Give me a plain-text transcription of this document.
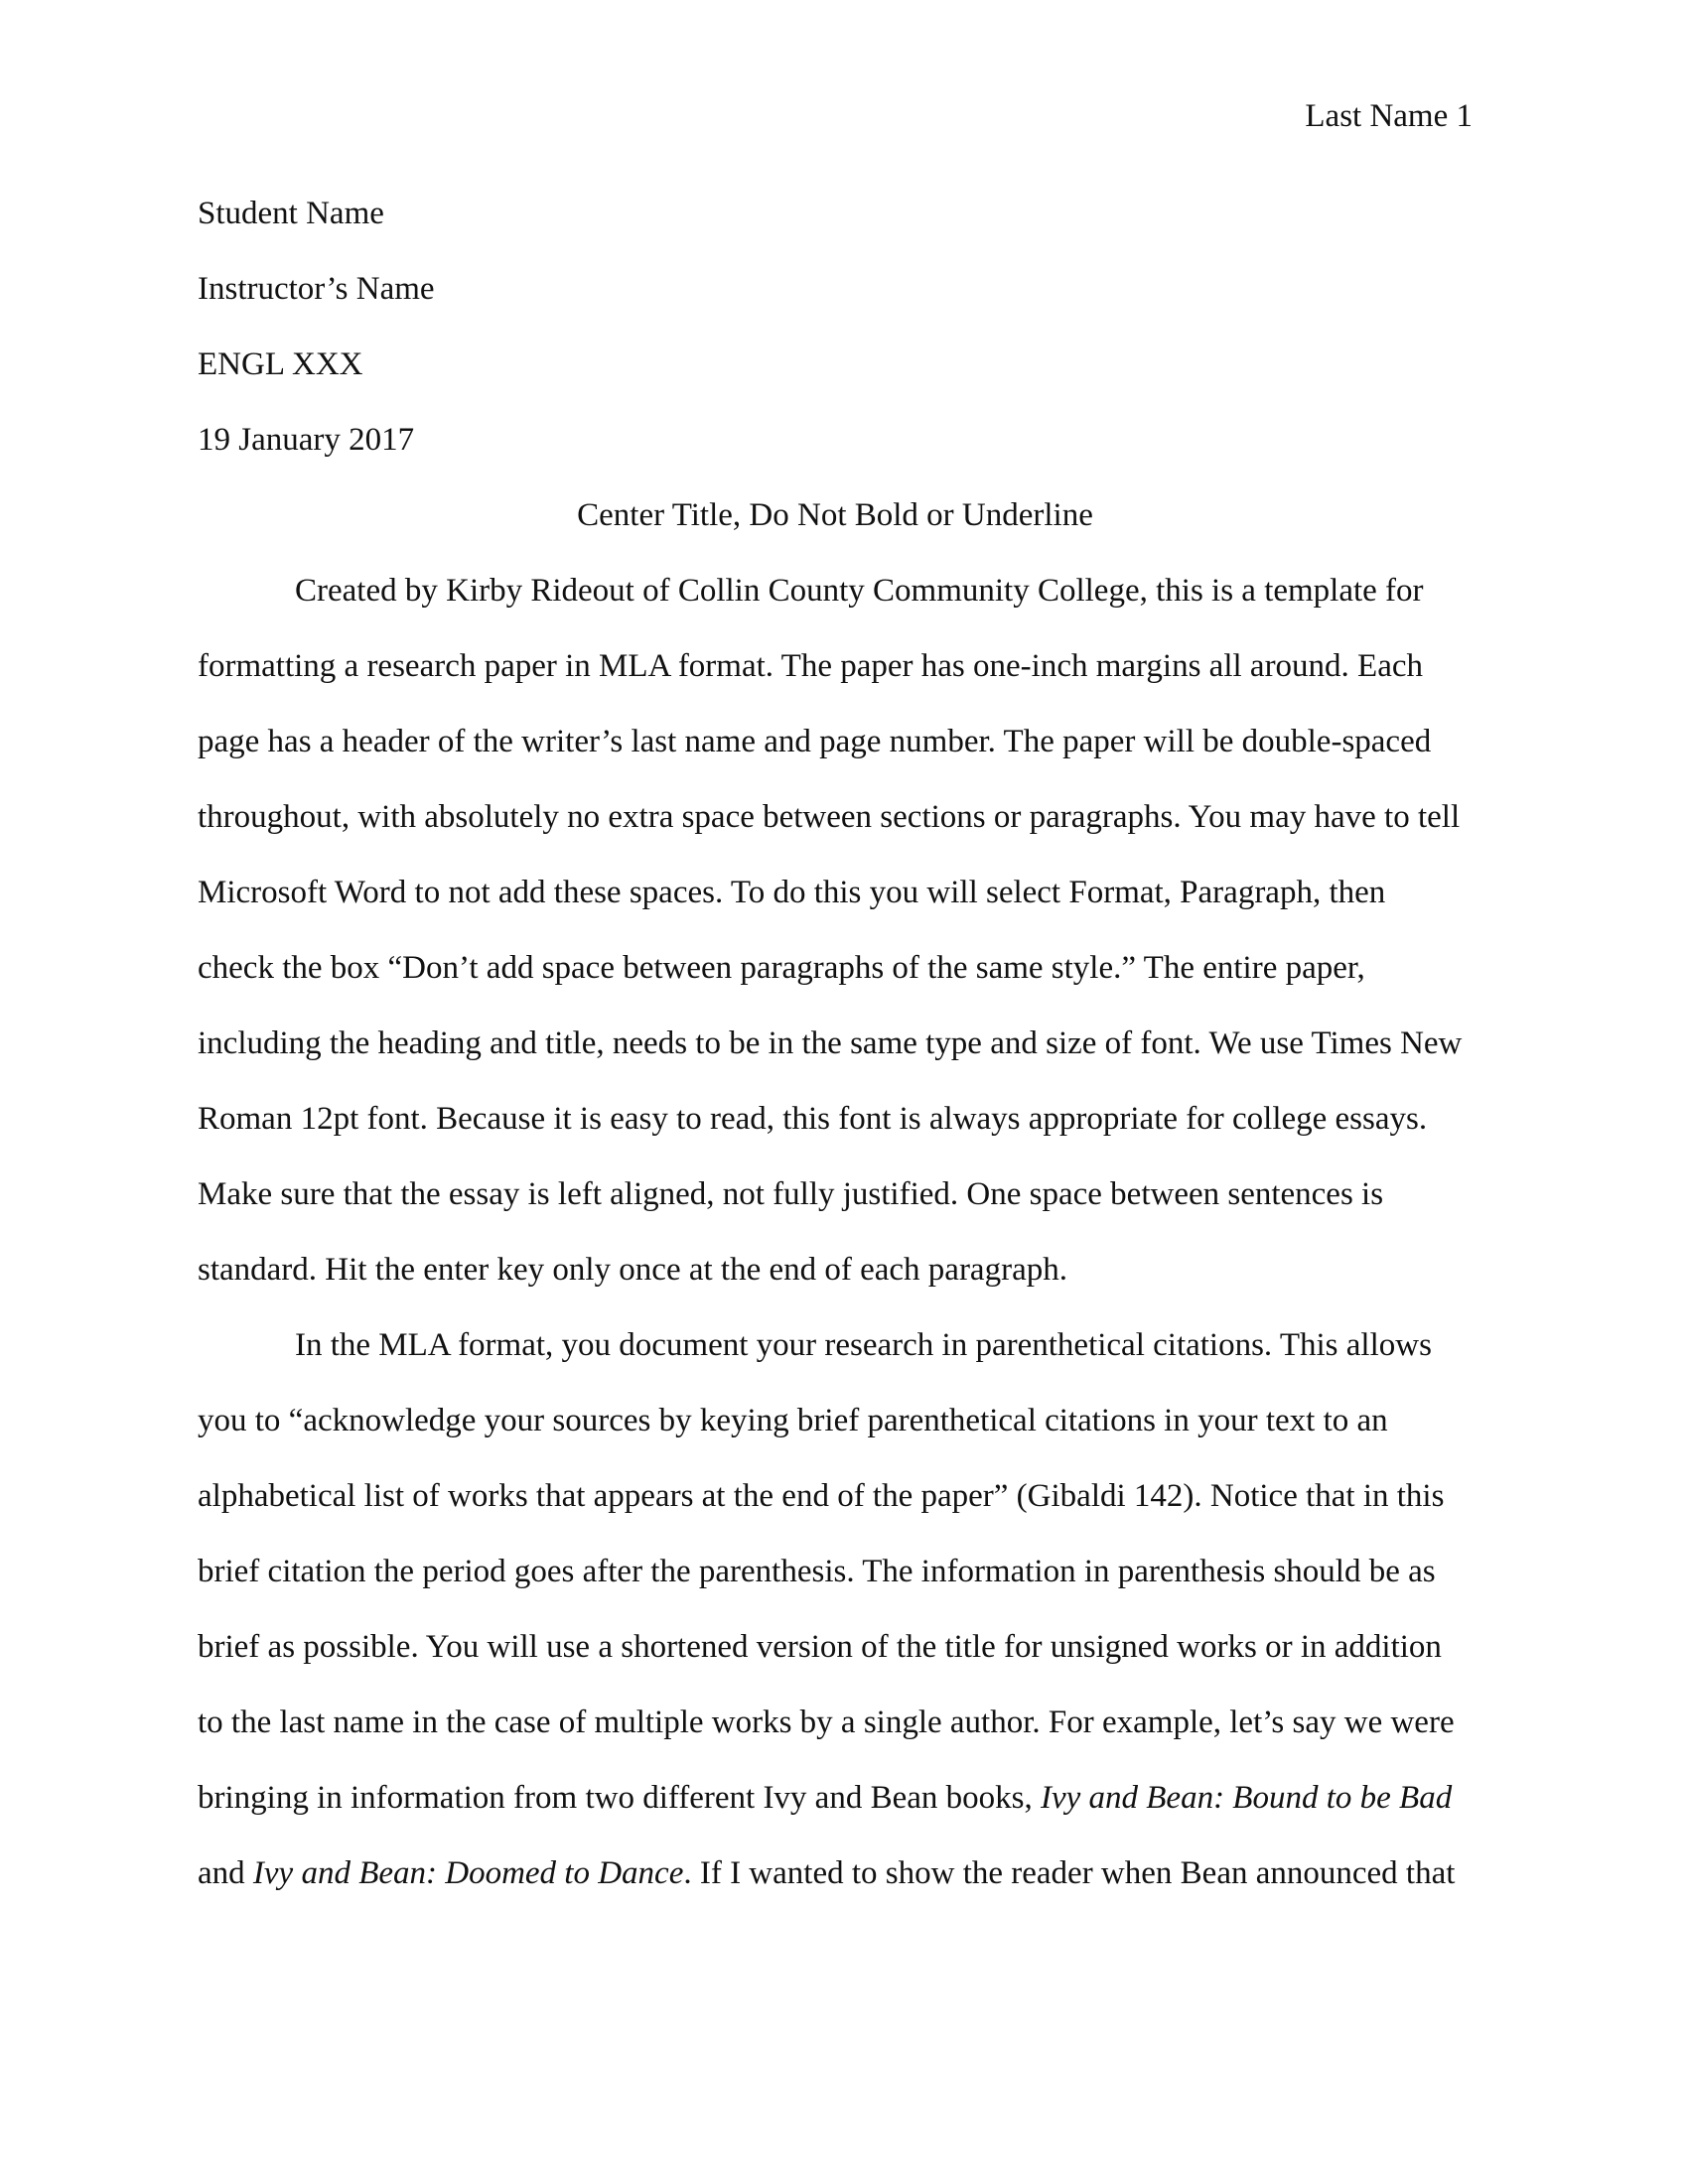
Last Name 1
Student Name
Instructor’s Name
ENGL XXX
19 January 2017
Center Title, Do Not Bold or Underline
Created by Kirby Rideout of Collin County Community College, this is a template for
formatting a research paper in MLA format. The paper has one-inch margins all around. Each
page has a header of the writer’s last name and page number. The paper will be double-spaced
throughout, with absolutely no extra space between sections or paragraphs. You may have to tell
Microsoft Word to not add these spaces. To do this you will select Format, Paragraph, then
check the box “Don’t add space between paragraphs of the same style.” The entire paper,
including the heading and title, needs to be in the same type and size of font. We use Times New
Roman 12pt font. Because it is easy to read, this font is always appropriate for college essays.
Make sure that the essay is left aligned, not fully justified. One space between sentences is
standard. Hit the enter key only once at the end of each paragraph.
In the MLA format, you document your research in parenthetical citations. This allows
you to “acknowledge your sources by keying brief parenthetical citations in your text to an
alphabetical list of works that appears at the end of the paper” (Gibaldi 142). Notice that in this
brief citation the period goes after the parenthesis. The information in parenthesis should be as
brief as possible. You will use a shortened version of the title for unsigned works or in addition
to the last name in the case of multiple works by a single author. For example, let’s say we were
bringing in information from two different Ivy and Bean books, Ivy and Bean: Bound to be Bad
and Ivy and Bean: Doomed to Dance. If I wanted to show the reader when Bean announced that
